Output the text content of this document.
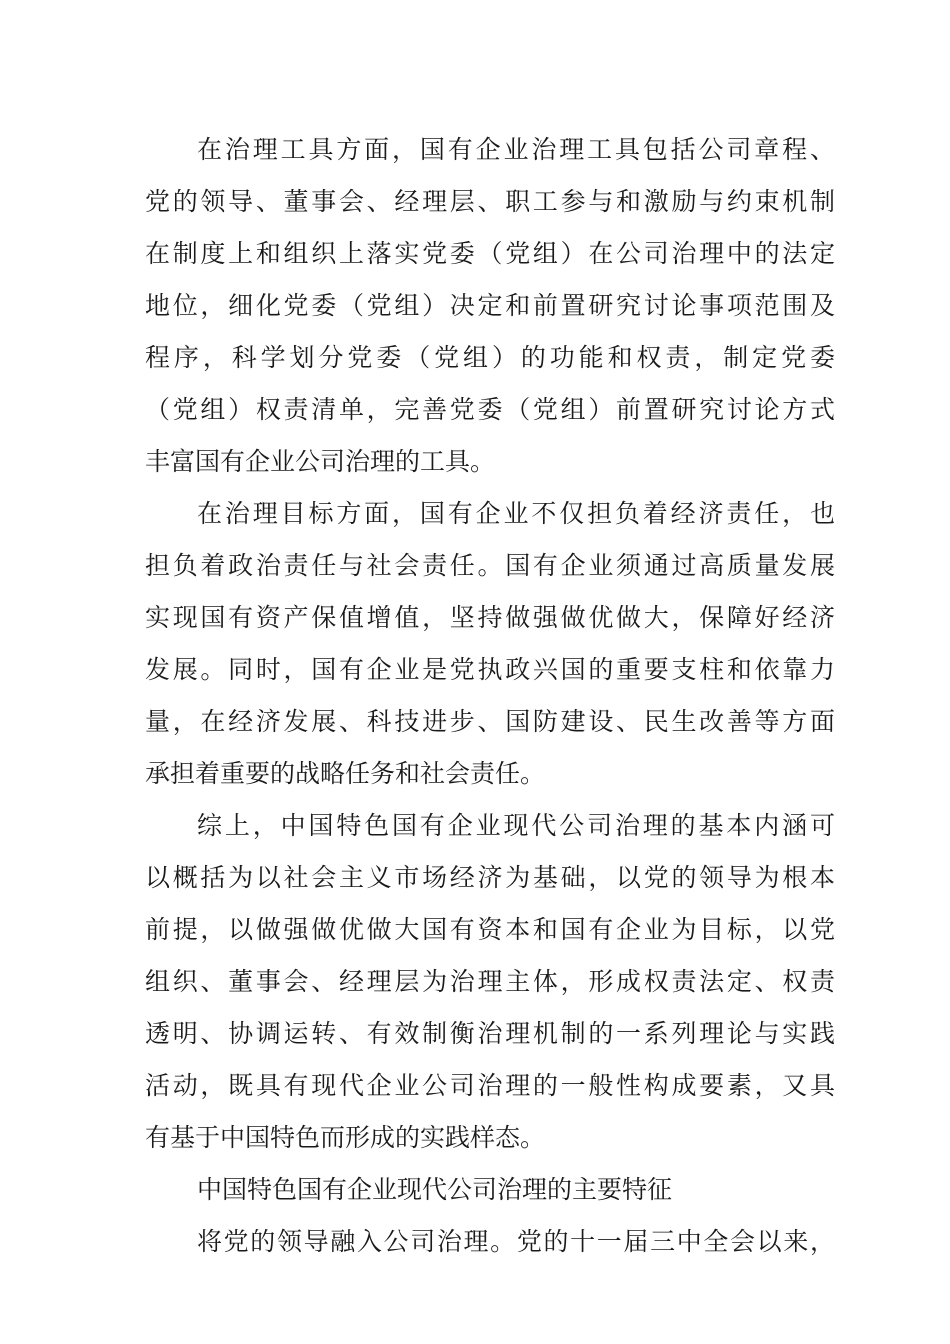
在治理工具方面，国有企业治理工具包括公司章程、
党的领导、董事会、经理层、职工参与和激励与约束机制
在制度上和组织上落实党委（党组）在公司治理中的法定
地位，细化党委（党组）决定和前置研究讨论事项范围及
程序，科学划分党委（党组）的功能和权责，制定党委
（党组）权责清单，完善党委（党组）前置研究讨论方式
丰富国有企业公司治理的工具。
在治理目标方面，国有企业不仅担负着经济责任，也
担负着政治责任与社会责任。国有企业须通过高质量发展
实现国有资产保值增值，坚持做强做优做大，保障好经济
发展。同时，国有企业是党执政兴国的重要支柱和依靠力
量，在经济发展、科技进步、国防建设、民生改善等方面
承担着重要的战略任务和社会责任。
综上，中国特色国有企业现代公司治理的基本内涵可
以概括为以社会主义市场经济为基础，以党的领导为根本
前提，以做强做优做大国有资本和国有企业为目标，以党
组织、董事会、经理层为治理主体，形成权责法定、权责
透明、协调运转、有效制衡治理机制的一系列理论与实践
活动，既具有现代企业公司治理的一般性构成要素，又具
有基于中国特色而形成的实践样态。
中国特色国有企业现代公司治理的主要特征
将党的领导融入公司治理。党的十一届三中全会以来，
